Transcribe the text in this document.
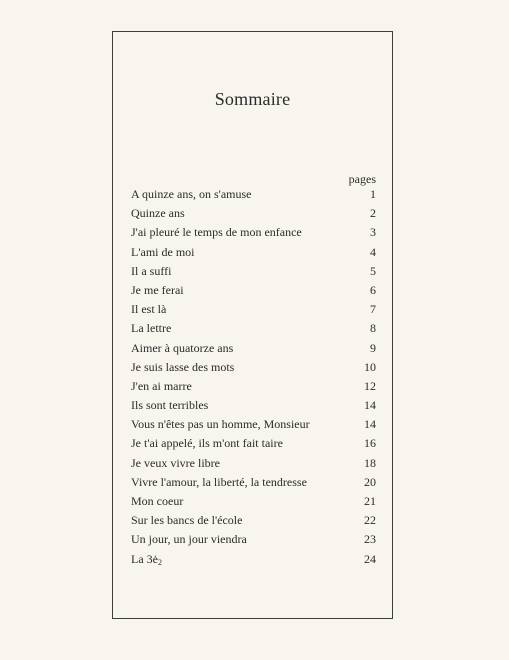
Sommaire
pages
A quinze ans, on s'amuse	1
Quinze ans	2
J'ai pleuré le temps de mon enfance	3
L'ami de moi	4
Il a suffi	5
Je me ferai	6
Il est là	7
La lettre	8
Aimer à quatorze ans	9
Je suis lasse des mots	10
J'en ai marre	12
Ils sont terribles	14
Vous n'êtes pas un homme, Monsieur	14
Je t'ai appelé, ils m'ont fait taire	16
Je veux vivre libre	18
Vivre l'amour, la liberté, la tendresse	20
Mon coeur	21
Sur les bancs de l'école	22
Un jour, un jour viendra	23
La $3ė_2$	24
